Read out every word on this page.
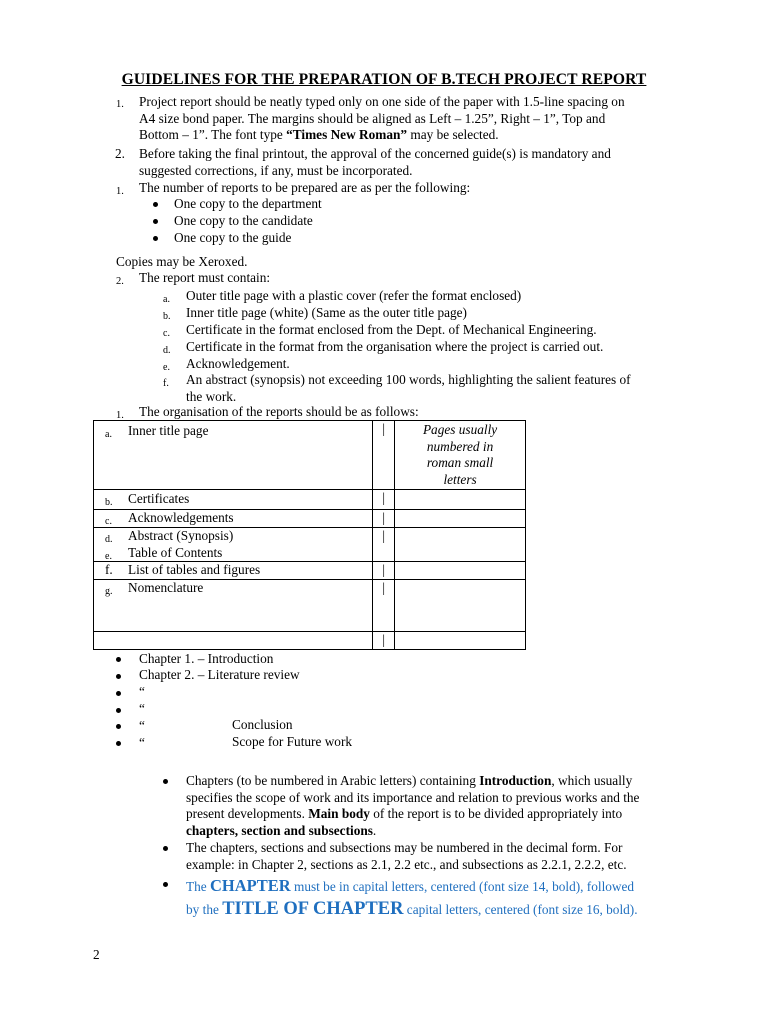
GUIDELINES FOR THE PREPARATION OF B.TECH PROJECT REPORT
1. Project report should be neatly typed only on one side of the paper with 1.5-line spacing on
A4 size bond paper. The margins should be aligned as Left – 1.25”, Right – 1”, Top and
Bottom – 1”. The font type “Times New Roman” may be selected.
2. Before taking the final printout, the approval of the concerned guide(s) is mandatory and
suggested corrections, if any, must be incorporated.
1. The number of reports to be prepared are as per the following:
One copy to the department
One copy to the candidate
One copy to the guide
Copies may be Xeroxed.
2. The report must contain:
a. Outer title page with a plastic cover (refer the format enclosed)
b. Inner title page (white) (Same as the outer title page)
c. Certificate in the format enclosed from the Dept. of Mechanical Engineering.
d. Certificate in the format from the organisation where the project is carried out.
e. Acknowledgement.
f. An abstract (synopsis) not exceeding 100 words, highlighting the salient features of
the work.
1. The organisation of the reports should be as follows:
a. Inner title page	|	Pages usually numbered in roman small letters

b. Certificates	|	

c. Acknowledgements	|	

d. Abstract (Synopsis)
e. Table of Contents	|	

f. List of tables and figures	|	

g. Nomenclature	|	
	|	
Chapter 1. – Introduction
Chapter 2. – Literature review
“
“
“	Conclusion
“	Scope for Future work
Chapters (to be numbered in Arabic letters) containing Introduction, which usually
specifies the scope of work and its importance and relation to previous works and the
present developments. Main body of the report is to be divided appropriately into
chapters, section and subsections.
The chapters, sections and subsections may be numbered in the decimal form. For
example: in Chapter 2, sections as 2.1, 2.2 etc., and subsections as 2.2.1, 2.2.2, etc.
The CHAPTER must be in capital letters, centered (font size 14, bold), followed
by the TITLE OF CHAPTER capital letters, centered (font size 16, bold).
2
